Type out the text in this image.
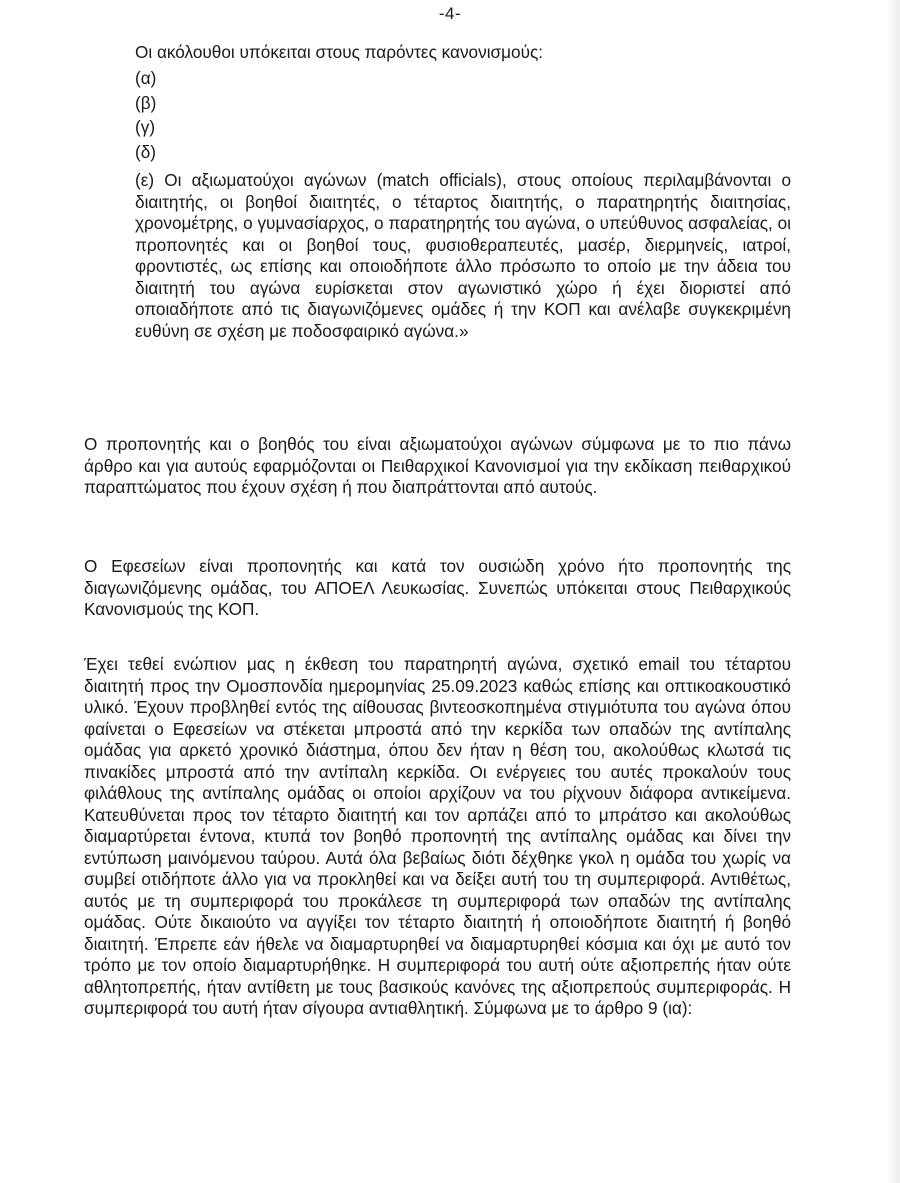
-4-

Οι ακόλουθοι υπόκειται στους παρόντες κανονισμούς:

(α)
(β)
(γ)
(δ)

(ε) Οι αξιωματούχοι αγώνων (match officials), στους οποίους περιλαμβάνονται ο διαιτητής, οι βοηθοί διαιτητές, ο τέταρτος διαιτητής, ο παρατηρητής διαιτησίας, χρονομέτρης, ο γυμνασίαρχος, ο παρατηρητής του αγώνα, ο υπεύθυνος ασφαλείας, οι προπονητές και οι βοηθοί τους, φυσιοθεραπευτές, μασέρ, διερμηνείς, ιατροί, φροντιστές, ως επίσης και οποιοδήποτε άλλο πρόσωπο το οποίο με την άδεια του διαιτητή του αγώνα ευρίσκεται στον αγωνιστικό χώρο ή έχει διοριστεί από οποιαδήποτε από τις διαγωνιζόμενες ομάδες ή την ΚΟΠ και ανέλαβε συγκεκριμένη ευθύνη σε σχέση με ποδοσφαιρικό αγώνα.»

Ο προπονητής και ο βοηθός του είναι αξιωματούχοι αγώνων σύμφωνα με το πιο πάνω άρθρο και για αυτούς εφαρμόζονται οι Πειθαρχικοί Κανονισμοί για την εκδίκαση πειθαρχικού παραπτώματος που έχουν σχέση ή που διαπράττονται από αυτούς.

Ο Εφεσείων είναι προπονητής και κατά τον ουσιώδη χρόνο ήτο προπονητής της διαγωνιζόμενης ομάδας, του ΑΠΟΕΛ Λευκωσίας. Συνεπώς υπόκειται στους Πειθαρχικούς Κανονισμούς της ΚΟΠ.

Έχει τεθεί ενώπιον μας η έκθεση του παρατηρητή αγώνα, σχετικό email του τέταρτου διαιτητή προς την Ομοσπονδία ημερομηνίας 25.09.2023 καθώς επίσης και οπτικοακουστικό υλικό. Έχουν προβληθεί εντός της αίθουσας βιντεοσκοπημένα στιγμιότυπα του αγώνα όπου φαίνεται ο Εφεσείων να στέκεται μπροστά από την κερκίδα των οπαδών της αντίπαλης ομάδας για αρκετό χρονικό διάστημα, όπου δεν ήταν η θέση του, ακολούθως κλωτσά τις πινακίδες μπροστά από την αντίπαλη κερκίδα. Οι ενέργειες του αυτές προκαλούν τους φιλάθλους της αντίπαλης ομάδας οι οποίοι αρχίζουν να του ρίχνουν διάφορα αντικείμενα. Κατευθύνεται προς τον τέταρτο διαιτητή και τον αρπάζει από το μπράτσο και ακολούθως διαμαρτύρεται έντονα, κτυπά τον βοηθό προπονητή της αντίπαλης ομάδας και δίνει την εντύπωση μαινόμενου ταύρου. Αυτά όλα βεβαίως διότι δέχθηκε γκολ η ομάδα του χωρίς να συμβεί οτιδήποτε άλλο για να προκληθεί και να δείξει αυτή του τη συμπεριφορά. Αντιθέτως, αυτός με τη συμπεριφορά του προκάλεσε τη συμπεριφορά των οπαδών της αντίπαλης ομάδας. Ούτε δικαιούτο να αγγίξει τον τέταρτο διαιτητή ή οποιοδήποτε διαιτητή ή βοηθό διαιτητή. Έπρεπε εάν ήθελε να διαμαρτυρηθεί να διαμαρτυρηθεί κόσμια και όχι με αυτό τον τρόπο με τον οποίο διαμαρτυρήθηκε. Η συμπεριφορά του αυτή ούτε αξιοπρεπής ήταν ούτε αθλητοπρεπής, ήταν αντίθετη με τους βασικούς κανόνες της αξιοπρεπούς συμπεριφοράς. Η συμπεριφορά του αυτή ήταν σίγουρα αντιαθλητική. Σύμφωνα με το άρθρο 9 (ια):
